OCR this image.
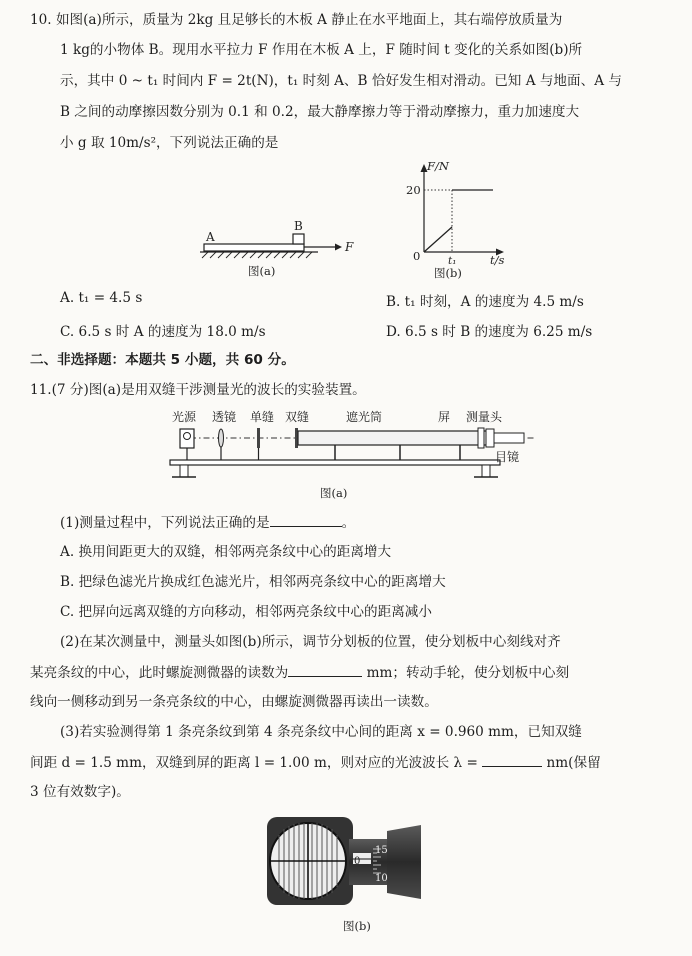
10. 如图(a)所示，质量为 2kg 且足够长的木板 A 静止在水平地面上，其右端停放质量为
1 kg的小物体 B。现用水平拉力 F 作用在木板 A 上，F 随时间 t 变化的关系如图(b)所
示，其中 0 ~ t₁ 时间内 F = 2t(N)，t₁ 时刻 A、B 恰好发生相对滑动。已知 A 与地面、A 与
B 之间的动摩擦因数分别为 0.1 和 0.2，最大静摩擦力等于滑动摩擦力，重力加速度大
小 g 取 10m/s²，下列说法正确的是
A
B
F
图(a)
F/N
20
0	t₁	t/s
图(b)
A. t₁ = 4.5 s	B. t₁ 时刻，A 的速度为 4.5 m/s
C. 6.5 s 时 A 的速度为 18.0 m/s	D. 6.5 s 时 B 的速度为 6.25 m/s
二、非选择题：本题共 5 小题，共 60 分。
11.(7 分)图(a)是用双缝干涉测量光的波长的实验装置。
光源 透镜 单缝 双缝	遮光筒	屏 测量头
目镜
图(a)
(1)测量过程中，下列说法正确的是	。
A. 换用间距更大的双缝，相邻两亮条纹中心的距离增大
B. 把绿色滤光片换成红色滤光片，相邻两亮条纹中心的距离增大
C. 把屏向远离双缝的方向移动，相邻两亮条纹中心的距离减小
(2)在某次测量中，测量头如图(b)所示，调节分划板的位置，使分划板中心刻线对齐
某亮条纹的中心，此时螺旋测微器的读数为	mm；转动手轮，使分划板中心刻
线向一侧移动到另一条亮条纹的中心，由螺旋测微器再读出一读数。
(3)若实验测得第 1 条亮条纹到第 4 条亮条纹中心间的距离 x = 0.960 mm，已知双缝
间距 d = 1.5 mm，双缝到屏的距离 l = 1.00 m，则对应的光波波长 λ =	nm(保留
3 位有效数字)。
0
15
10
图(b)
